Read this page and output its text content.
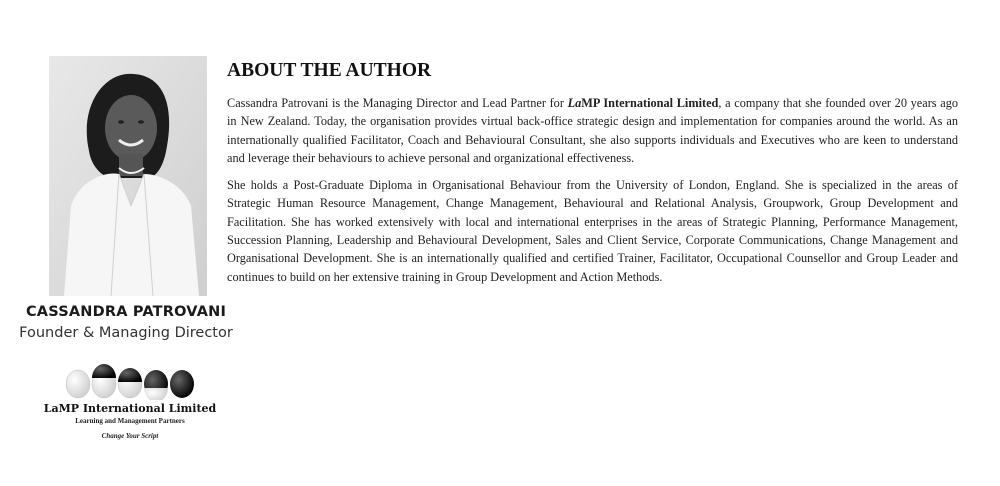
CASSANDRA PATROVANI
Founder & Managing Director
LaMP International Limited
Learning and Management Partners
Change Your Script
ABOUT THE AUTHOR

Cassandra Patrovani is the Managing Director and Lead Partner for LaMP International Limited, a company that she founded over 20 years ago in New Zealand. Today, the organisation provides virtual back-office strategic design and implementation for companies around the world. As an internationally qualified Facilitator, Coach and Behavioural Consultant, she also supports individuals and Executives who are keen to understand and leverage their behaviours to achieve personal and organizational effectiveness.

She holds a Post-Graduate Diploma in Organisational Behaviour from the University of London, England. She is specialized in the areas of Strategic Human Resource Management, Change Management, Behavioural and Relational Analysis, Groupwork, Group Development and Facilitation. She has worked extensively with local and international enterprises in the areas of Strategic Planning, Performance Management, Succession Planning, Leadership and Behavioural Development, Sales and Client Service, Corporate Communications, Change Management and Organisational Development. She is an internationally qualified and certified Trainer, Facilitator, Occupational Counsellor and Group Leader and continues to build on her extensive training in Group Development and Action Methods.
